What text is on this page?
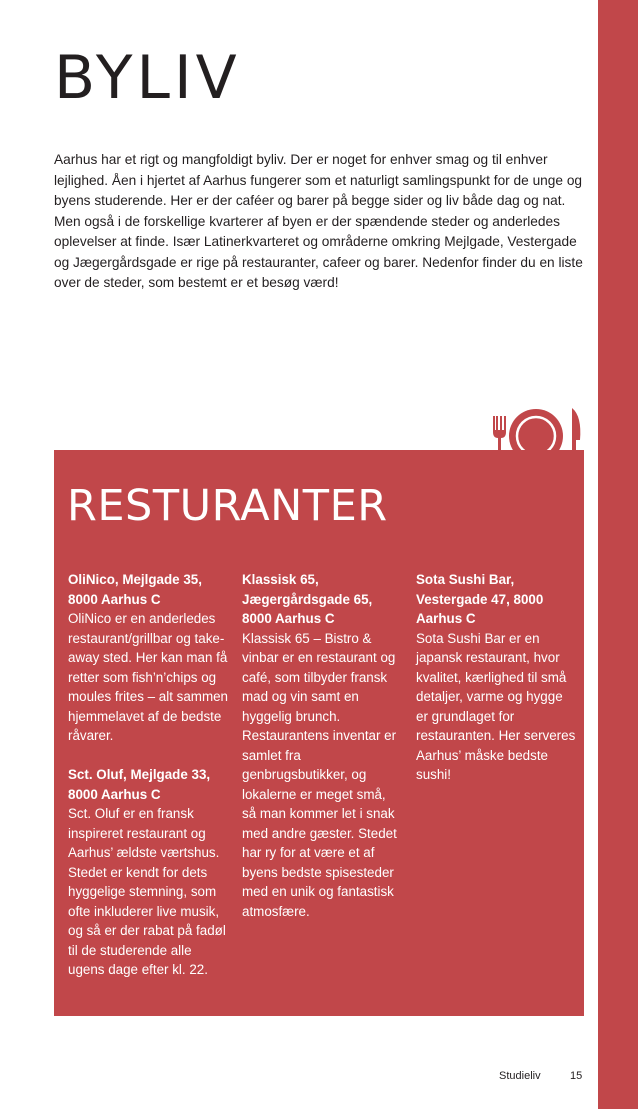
BYLIV

Aarhus har et rigt og mangfoldigt byliv. Der er noget for enhver smag og til enhver lejlighed. Åen i hjertet af Aarhus fungerer som et naturligt samlingspunkt for de unge og byens studerende. Her er der caféer og barer på begge sider og liv både dag og nat. Men også i de forskellige kvarterer af byen er der spændende steder og anderledes oplevelser at finde. Især Latinerkvarteret og områderne omkring Mejlgade, Vestergade og Jægergårdsgade er rige på restauranter, cafeer og barer. Nedenfor finder du en liste over de steder, som bestemt er et besøg værd!

RESTURANTER
OliNico, Mejlgade 35, 8000 Aarhus C
OliNico er en anderledes restaurant/grillbar og take-away sted. Her kan man få retter som fish’n’chips og moules frites – alt sammen hjemmelavet af de bedste råvarer.
Sct. Oluf, Mejlgade 33, 8000 Aarhus C
Sct. Oluf er en fransk inspireret restaurant og Aarhus’ ældste værtshus. Stedet er kendt for dets hyggelige stemning, som ofte inkluderer live musik, og så er der rabat på fadøl til de studerende alle ugens dage efter kl. 22.
Klassisk 65, Jægergårdsgade 65, 8000 Aarhus C
Klassisk 65 – Bistro & vinbar er en restaurant og café, som tilbyder fransk mad og vin samt en hyggelig brunch. Restaurantens inventar er samlet fra genbrugsbutikker, og lokalerne er meget små, så man kommer let i snak med andre gæster. Stedet har ry for at være et af byens bedste spisesteder med en unik og fantastisk atmosfære.
Sota Sushi Bar, Vestergade 47, 8000 Aarhus C
Sota Sushi Bar er en japansk restaurant, hvor kvalitet, kærlighed til små detaljer, varme og hygge er grundlaget for restauranten. Her serveres Aarhus’ måske bedste sushi!
Studieliv	15
